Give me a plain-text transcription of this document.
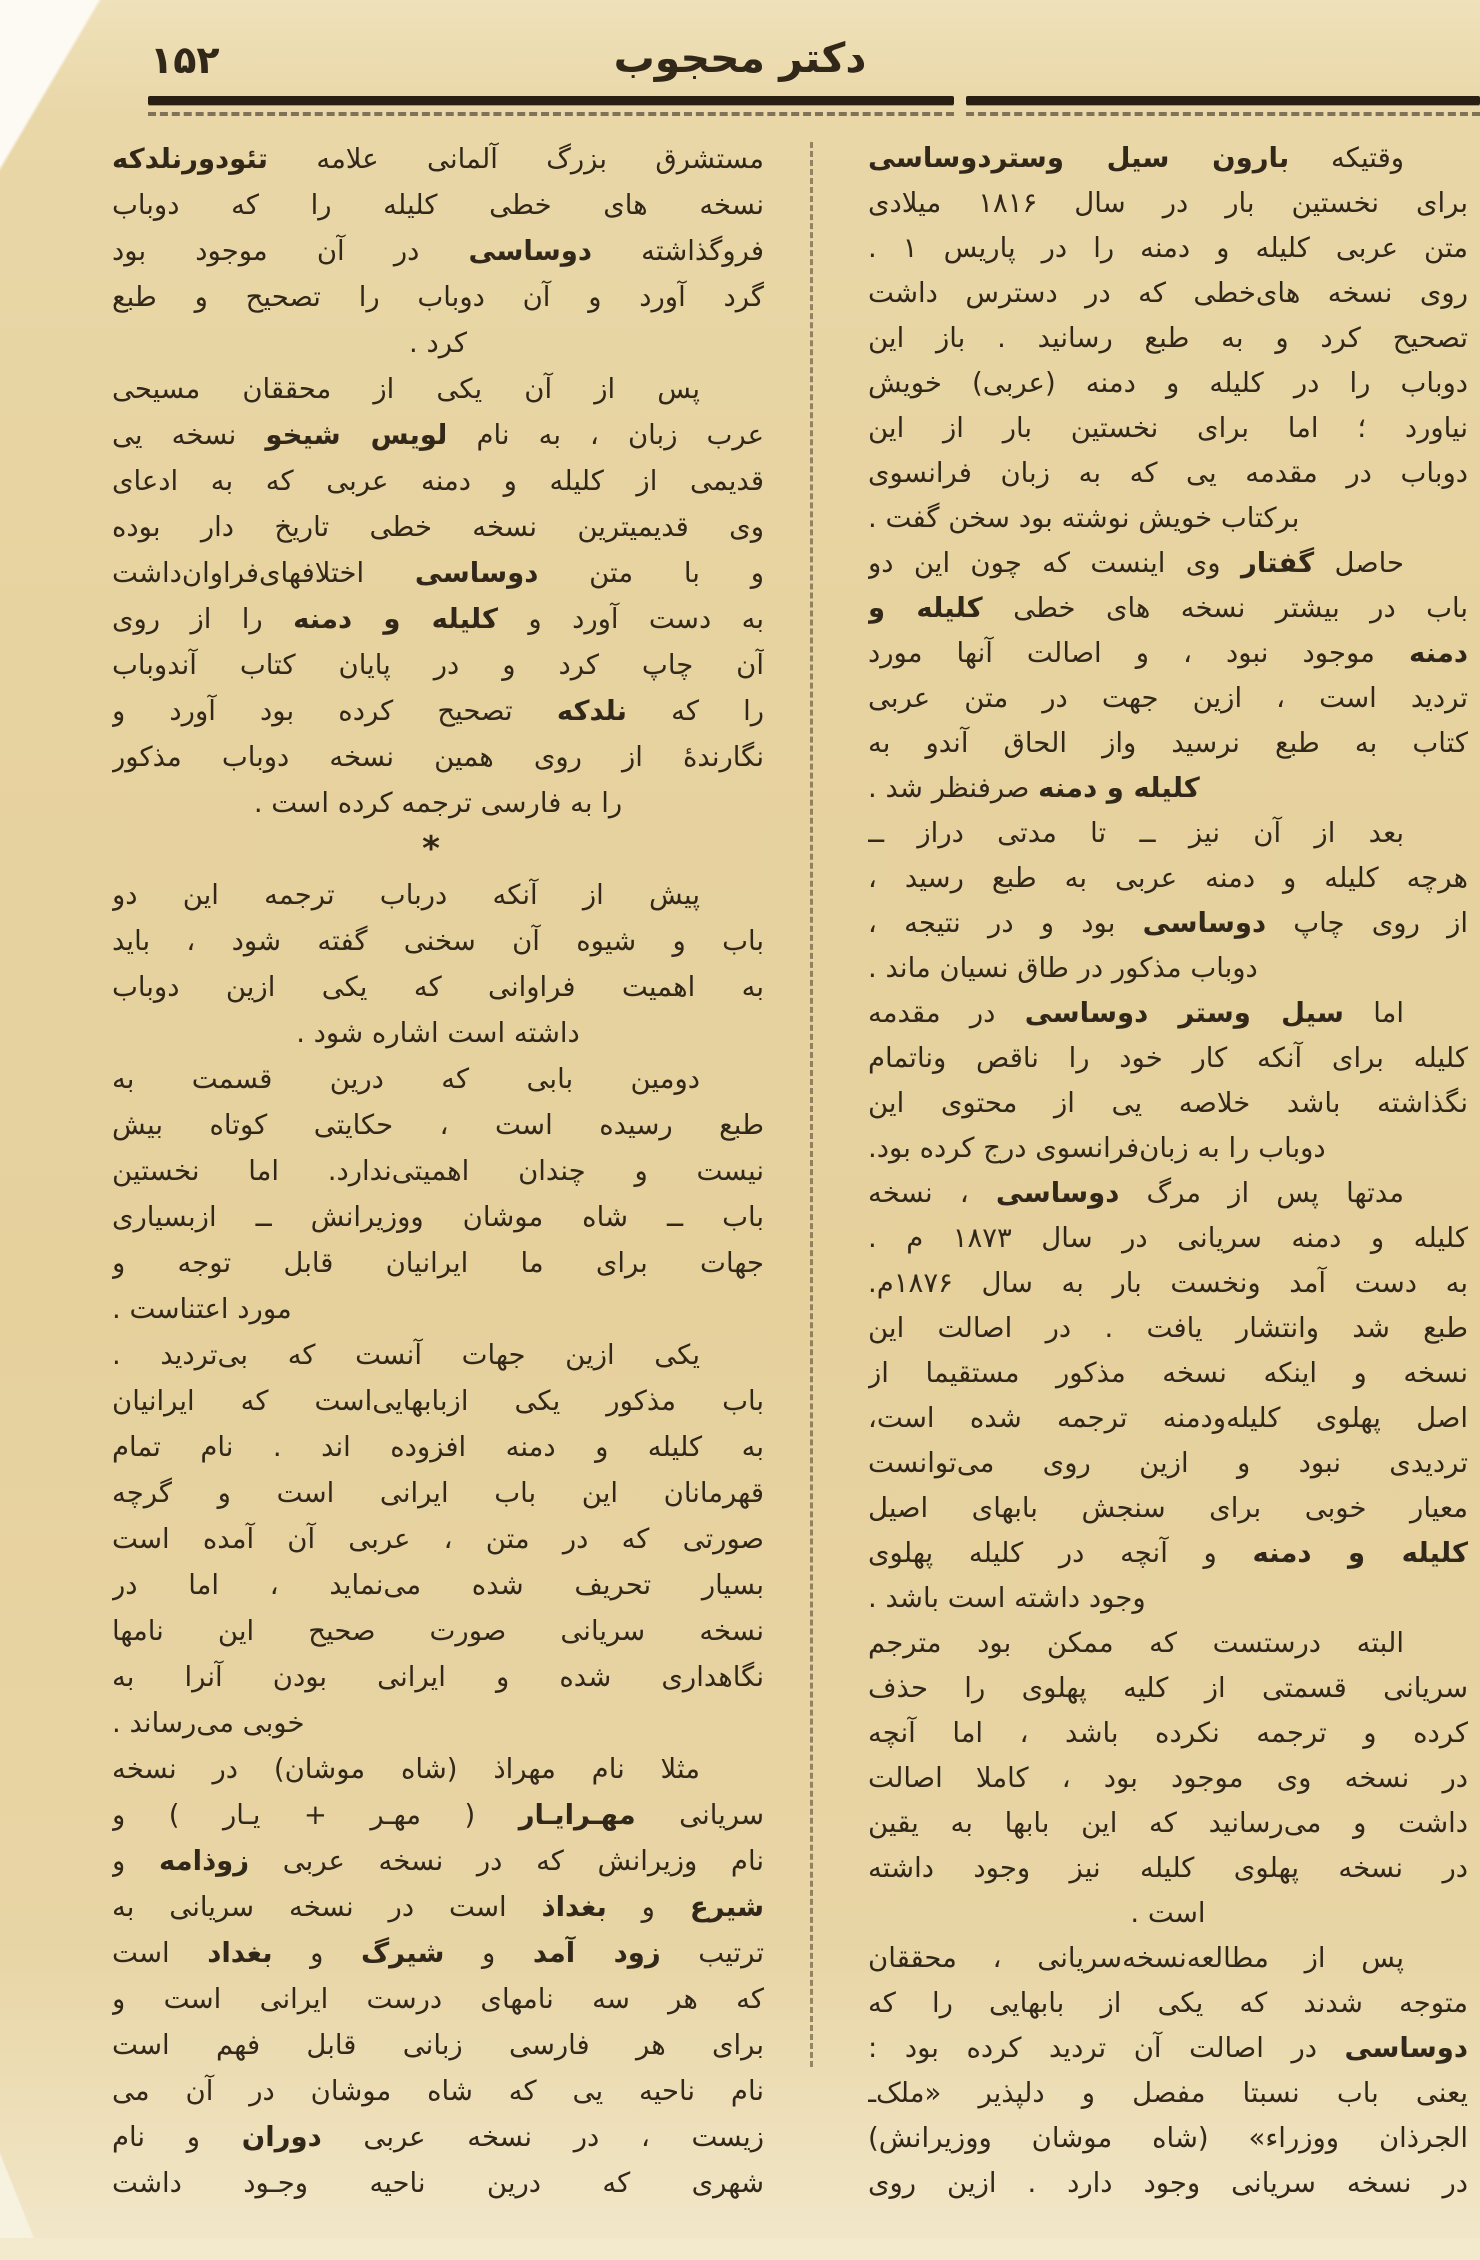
۱۵۲	دکتر محجوب
وقتیکه بارون سیل وستردوساسی
برای نخستین بار در سال ۱۸۱۶ میلادی
متن عربی کلیله و دمنه را در پاریس ۱ .
روی نسخه های‌خطی که در دسترس داشت
تصحیح کرد و به طبع رسانید . باز این
دوباب را در کلیله و دمنه (عربی) خویش
نیاورد ؛ اما برای نخستین بار از این
دوباب در مقدمه یی که به زبان فرانسوی
برکتاب خویش نوشته بود سخن گفت .
حاصل گفتار وی اینست که چون این دو
باب در بیشتر نسخه های خطی کلیله و
دمنه موجود نبود ، و اصالت آنها مورد
تردید است ، ازین جهت در متن عربی
کتاب به طبع نرسید واز الحاق آندو به
کلیله و دمنه صرفنظر شد .
بعد از آن نیز ــ تا مدتی دراز ــ
هرچه کلیله و دمنه عربی به طبع رسید ،
از روی چاپ دوساسی بود و در نتیجه ،
دوباب مذکور در طاق نسیان ماند .
اما سیل وستر دوساسی در مقدمه
کلیله برای آنکه کار خود را ناقص وناتمام
نگذاشته باشد خلاصه یی از محتوی این
دوباب را به زبان‌فرانسوی درج کرده بود.
مدتها پس از مرگ دوساسی ، نسخه
کلیله و دمنه سریانی در سال ۱۸۷۳ م .
به دست آمد ونخست بار به سال ۱۸۷۶م.
طبع شد وانتشار یافت . در اصالت این
نسخه و اینکه نسخه مذکور مستقیما از
اصل پهلوی کلیله‌ودمنه ترجمه شده است،
تردیدی نبود و ازین روی می‌توانست
معیار خوبی برای سنجش بابهای اصیل
کلیله و دمنه و آنچه در کلیله پهلوی
وجود داشته است باشد .
البته درستست که ممکن بود مترجم
سریانی قسمتی از کلیه پهلوی را حذف
کرده و ترجمه نکرده باشد ، اما آنچه
در نسخه وی موجود بود ، کاملا اصالت
داشت و می‌رسانید که این بابها به یقین
در نسخه پهلوی کلیله نیز وجود داشته
است .
پس از مطالعه‌نسخه‌سریانی ، محققان
متوجه شدند که یکی از بابهایی را که
دوساسی در اصالت آن تردید کرده بود :
یعنی باب نسبتا مفصل و دلپذیر «ملک‌ـ
الجرذان ووزراء» (شاه موشان ووزیرانش)
در نسخه سریانی وجود دارد . ازین روی
مستشرق بزرگ آلمانی علامه تئودورنلدکه
نسخه های خطی کلیله را که دوباب
فروگذاشته دوساسی در آن موجود بود
گرد آورد و آن دوباب را تصحیح و طبع
کرد .
پس از آن یکی از محققان مسیحی
عرب زبان ، به نام لویس شیخو نسخه یی
قدیمی از کلیله و دمنه عربی که به ادعای
وی قدیمیترین نسخه خطی تاریخ دار بوده
و با متن دوساسی اختلافهای‌فراوان‌داشت
به دست آورد و کلیله و دمنه را از روی
آن چاپ کرد و در پایان کتاب آندوباب
را که نلدکه تصحیح کرده بود آورد و
نگارندهٔ از روی همین نسخه دوباب مذکور
را به فارسی ترجمه کرده است .
*
پیش از آنکه درباب ترجمه این دو
باب و شیوه آن سخنی گفته شود ، باید
به اهمیت فراوانی که یکی ازین دوباب
داشته است اشاره شود .
دومین بابی که درین قسمت به
طبع رسیده است ، حکایتی کوتاه بیش
نیست و چندان اهمیتی‌ندارد. اما نخستین
باب ــ شاه موشان ووزیرانش ــ ازبسیاری
جهات برای ما ایرانیان قابل توجه و
مورد اعتناست .
یکی ازین جهات آنست که بی‌تردید .
باب مذکور یکی ازبابهایی‌است که ایرانیان
به کلیله و دمنه افزوده اند . نام تمام
قهرمانان این باب ایرانی است و گرچه
صورتی که در متن ، عربی آن آمده است
بسیار تحریف شده می‌نماید ، اما در
نسخه سریانی صورت صحیح این نامها
نگاهداری شده و ایرانی بودن آنرا به
خوبی می‌رساند .
مثلا نام مهراذ (شاه موشان) در نسخه
سریانی مهـرایـار ( مهـر + یـار ) و
نام وزیرانش که در نسخه عربی زوذامه و
شیرع و بغداذ است در نسخه سریانی به
ترتیب زود آمد و شیرگ و بغداد است
که هر سه نامهای درست ایرانی است و
برای هر فارسی زبانی قابل فهم است
نام ناحیه یی که شاه موشان در آن می
زیست ، در نسخه عربی دوران و نام
شهری که درین ناحیه وجـود داشت
